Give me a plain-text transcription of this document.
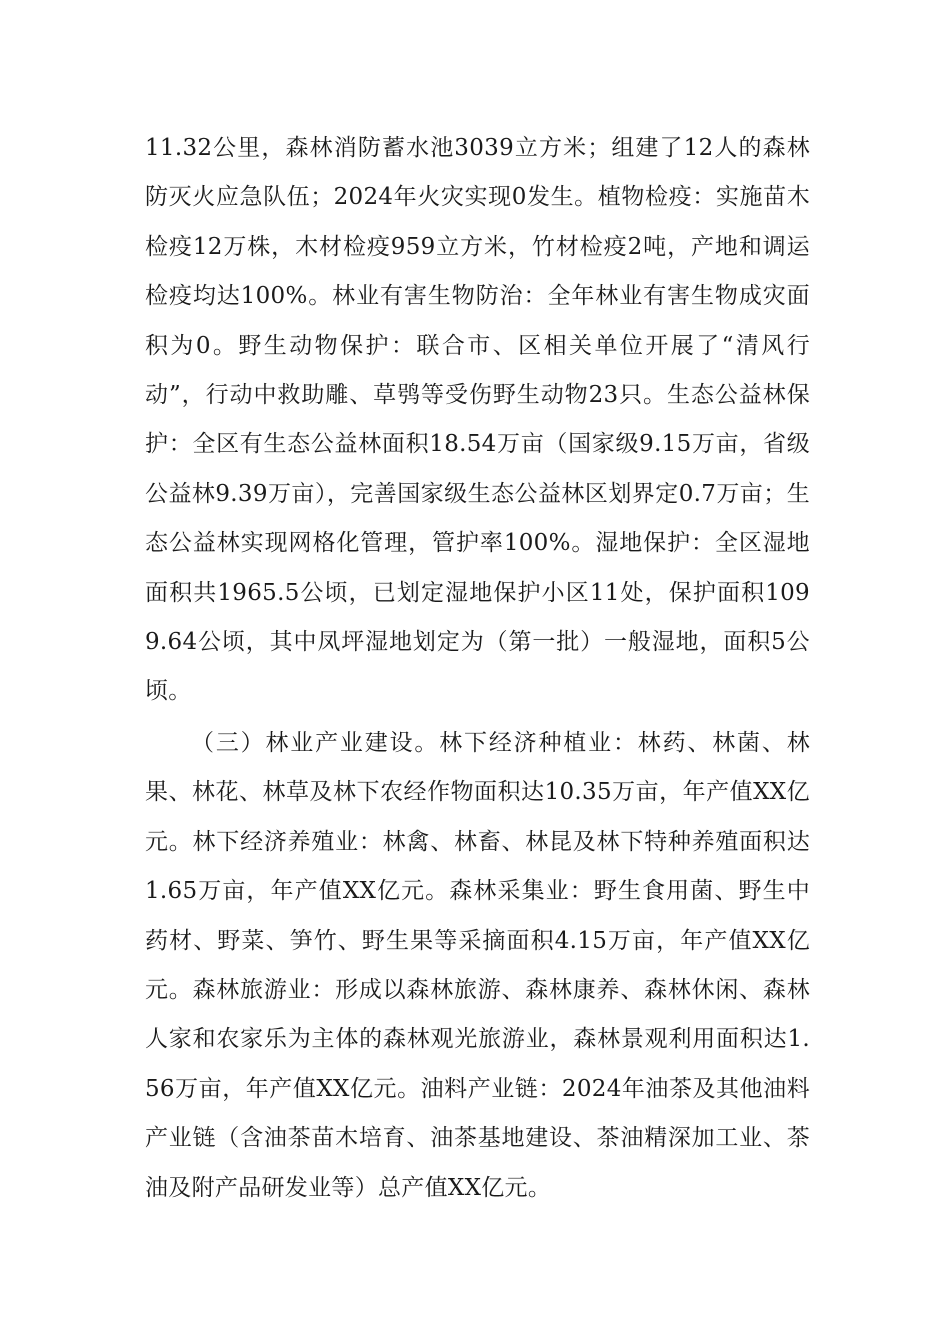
11.32公里，森林消防蓄水池3039立方米；组建了12人的森林防灭火应急队伍；2024年火灾实现0发生。植物检疫：实施苗木检疫12万株，木材检疫959立方米，竹材检疫2吨，产地和调运检疫均达100%。林业有害生物防治：全年林业有害生物成灾面积为0。野生动物保护：联合市、区相关单位开展了“清风行动”，行动中救助雕、草鸮等受伤野生动物23只。生态公益林保护：全区有生态公益林面积18.54万亩（国家级9.15万亩，省级公益林9.39万亩），完善国家级生态公益林区划界定0.7万亩；生态公益林实现网格化管理，管护率100%。湿地保护：全区湿地面积共1965.5公顷，已划定湿地保护小区11处，保护面积1099.64公顷，其中凤坪湿地划定为（第一批）一般湿地，面积5公顷。

（三）林业产业建设。林下经济种植业：林药、林菌、林果、林花、林草及林下农经作物面积达10.35万亩，年产值XX亿元。林下经济养殖业：林禽、林畜、林昆及林下特种养殖面积达1.65万亩，年产值XX亿元。森林采集业：野生食用菌、野生中药材、野菜、笋竹、野生果等采摘面积4.15万亩，年产值XX亿元。森林旅游业：形成以森林旅游、森林康养、森林休闲、森林人家和农家乐为主体的森林观光旅游业，森林景观利用面积达1.56万亩，年产值XX亿元。油料产业链：2024年油茶及其他油料产业链（含油茶苗木培育、油茶基地建设、茶油精深加工业、茶油及附产品研发业等）总产值XX亿元。
